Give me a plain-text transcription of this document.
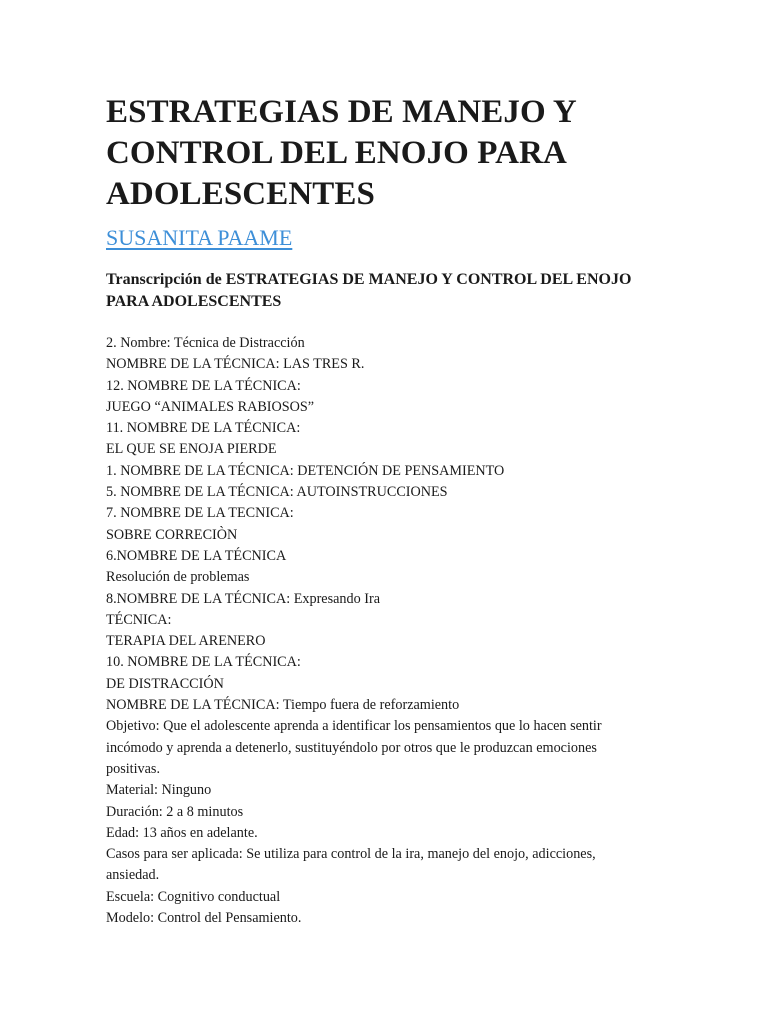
ESTRATEGIAS DE MANEJO Y CONTROL DEL ENOJO PARA ADOLESCENTES
SUSANITA PAAME

Transcripción de ESTRATEGIAS DE MANEJO Y CONTROL DEL ENOJO PARA ADOLESCENTES

2. Nombre: Técnica de Distracción
NOMBRE DE LA TÉCNICA: LAS TRES R.
12. NOMBRE DE LA TÉCNICA:
JUEGO “ANIMALES RABIOSOS”
11. NOMBRE DE LA TÉCNICA:
EL QUE SE ENOJA PIERDE
1. NOMBRE DE LA TÉCNICA: DETENCIÓN DE PENSAMIENTO
5. NOMBRE DE LA TÉCNICA: AUTOINSTRUCCIONES
7. NOMBRE DE LA TECNICA:
SOBRE CORRECIÒN
6.NOMBRE DE LA TÉCNICA
Resolución de problemas
8.NOMBRE DE LA TÉCNICA: Expresando Ira
TÉCNICA:
TERAPIA DEL ARENERO
10. NOMBRE DE LA TÉCNICA:
DE DISTRACCIÓN
NOMBRE DE LA TÉCNICA: Tiempo fuera de reforzamiento
Objetivo: Que el adolescente aprenda a identificar los pensamientos que lo hacen sentir incómodo y aprenda a detenerlo, sustituyéndolo por otros que le produzcan emociones positivas.
Material: Ninguno
Duración: 2 a 8 minutos
Edad: 13 años en adelante.
Casos para ser aplicada: Se utiliza para control de la ira, manejo del enojo, adicciones, ansiedad.
Escuela: Cognitivo conductual
Modelo: Control del Pensamiento.
